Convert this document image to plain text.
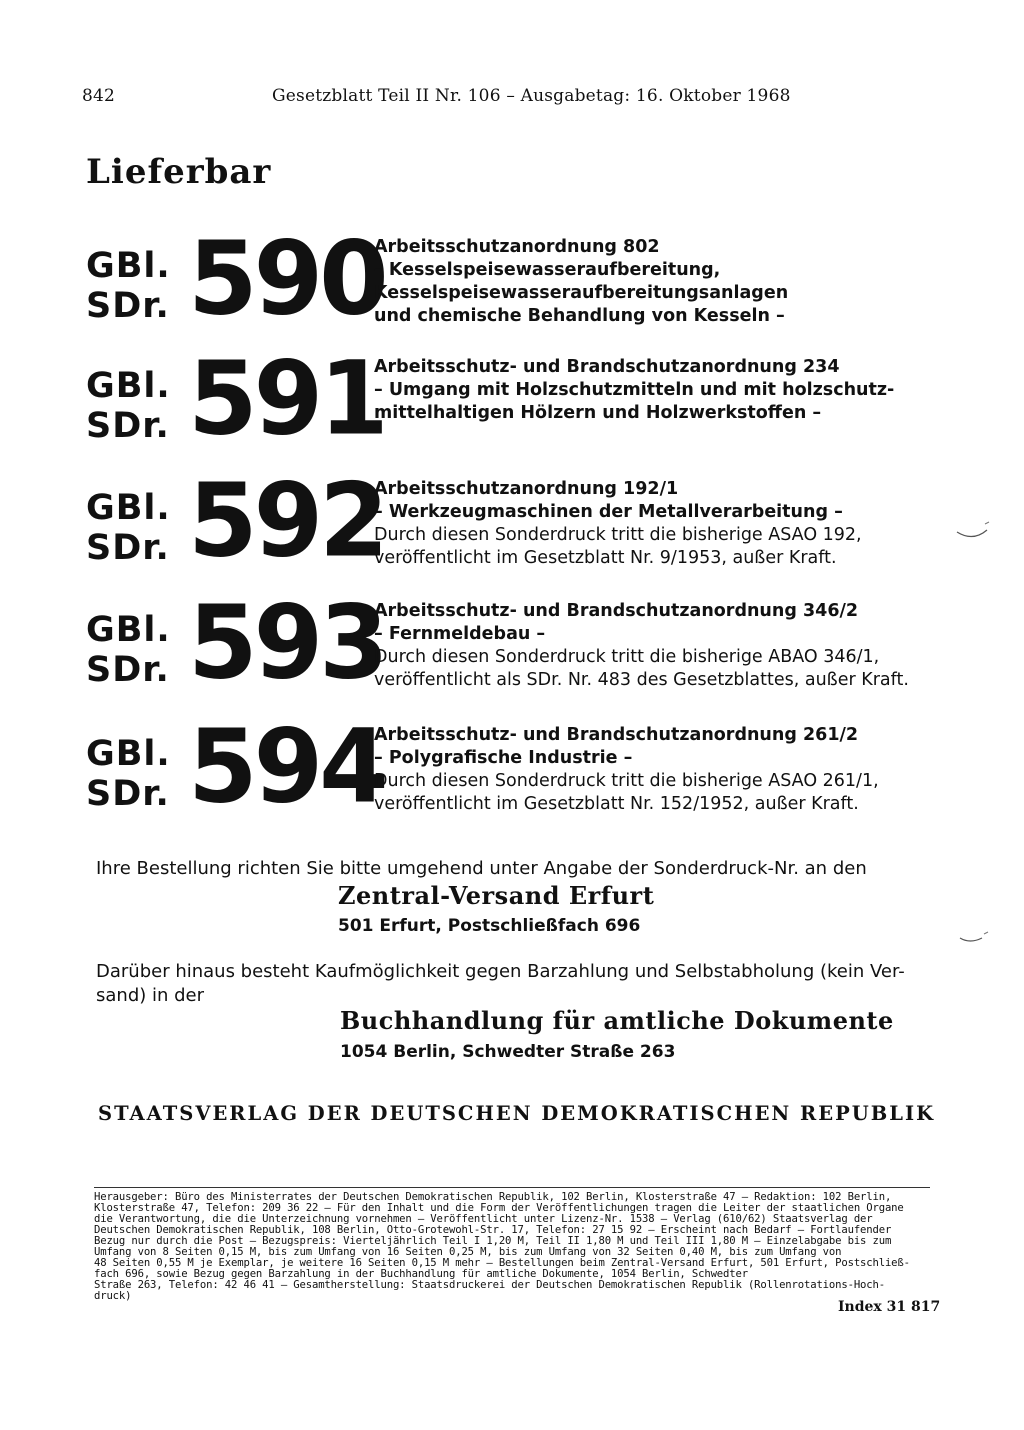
842	Gesetzblatt Teil II Nr. 106 – Ausgabetag: 16. Oktober 1968
Lieferbar
GBl.
SDr. 590
Arbeitsschutzanordnung 802
– Kesselspeisewasseraufbereitung,
Kesselspeisewasseraufbereitungsanlagen
und chemische Behandlung von Kesseln –
GBl.
SDr. 591
Arbeitsschutz- und Brandschutzanordnung 234
– Umgang mit Holzschutzmitteln und mit holzschutz-
mittelhaltigen Hölzern und Holzwerkstoffen –
GBl.
SDr. 592
Arbeitsschutzanordnung 192/1
– Werkzeugmaschinen der Metallverarbeitung –
Durch diesen Sonderdruck tritt die bisherige ASAO 192,
veröffentlicht im Gesetzblatt Nr. 9/1953, außer Kraft.
GBl.
SDr. 593
Arbeitsschutz- und Brandschutzanordnung 346/2
– Fernmeldebau –
Durch diesen Sonderdruck tritt die bisherige ABAO 346/1,
veröffentlicht als SDr. Nr. 483 des Gesetzblattes, außer Kraft.
GBl.
SDr. 594
Arbeitsschutz- und Brandschutzanordnung 261/2
– Polygrafische Industrie –
Durch diesen Sonderdruck tritt die bisherige ASAO 261/1,
veröffentlicht im Gesetzblatt Nr. 152/1952, außer Kraft.
Ihre Bestellung richten Sie bitte umgehend unter Angabe der Sonderdruck-Nr. an den
Zentral-Versand Erfurt
501 Erfurt, Postschließfach 696
Darüber hinaus besteht Kaufmöglichkeit gegen Barzahlung und Selbstabholung (kein Ver-
sand) in der
Buchhandlung für amtliche Dokumente
1054 Berlin, Schwedter Straße 263
STAATSVERLAG DER DEUTSCHEN DEMOKRATISCHEN REPUBLIK
Herausgeber: Büro des Ministerrates der Deutschen Demokratischen Republik, 102 Berlin, Klosterstraße 47 – Redaktion: 102 Berlin,
Klosterstraße 47, Telefon: 209 36 22 – Für den Inhalt und die Form der Veröffentlichungen tragen die Leiter der staatlichen Organe
die Verantwortung, die die Unterzeichnung vornehmen – Veröffentlicht unter Lizenz-Nr. 1538 – Verlag (610/62) Staatsverlag der
Deutschen Demokratischen Republik, 108 Berlin, Otto-Grotewohl-Str. 17, Telefon: 27 15 92 – Erscheint nach Bedarf – Fortlaufender
Bezug nur durch die Post – Bezugspreis: Vierteljährlich Teil I 1,20 M, Teil II 1,80 M und Teil III 1,80 M – Einzelabgabe bis zum
Umfang von 8 Seiten 0,15 M, bis zum Umfang von 16 Seiten 0,25 M, bis zum Umfang von 32 Seiten 0,40 M, bis zum Umfang von
48 Seiten 0,55 M je Exemplar, je weitere 16 Seiten 0,15 M mehr – Bestellungen beim Zentral-Versand Erfurt, 501 Erfurt, Postschließ-
fach 696, sowie Bezug gegen Barzahlung in der Buchhandlung für amtliche Dokumente, 1054 Berlin, Schwedter
Straße 263, Telefon: 42 46 41 – Gesamtherstellung: Staatsdruckerei der Deutschen Demokratischen Republik (Rollenrotations-Hoch-
druck)
Index 31 817
